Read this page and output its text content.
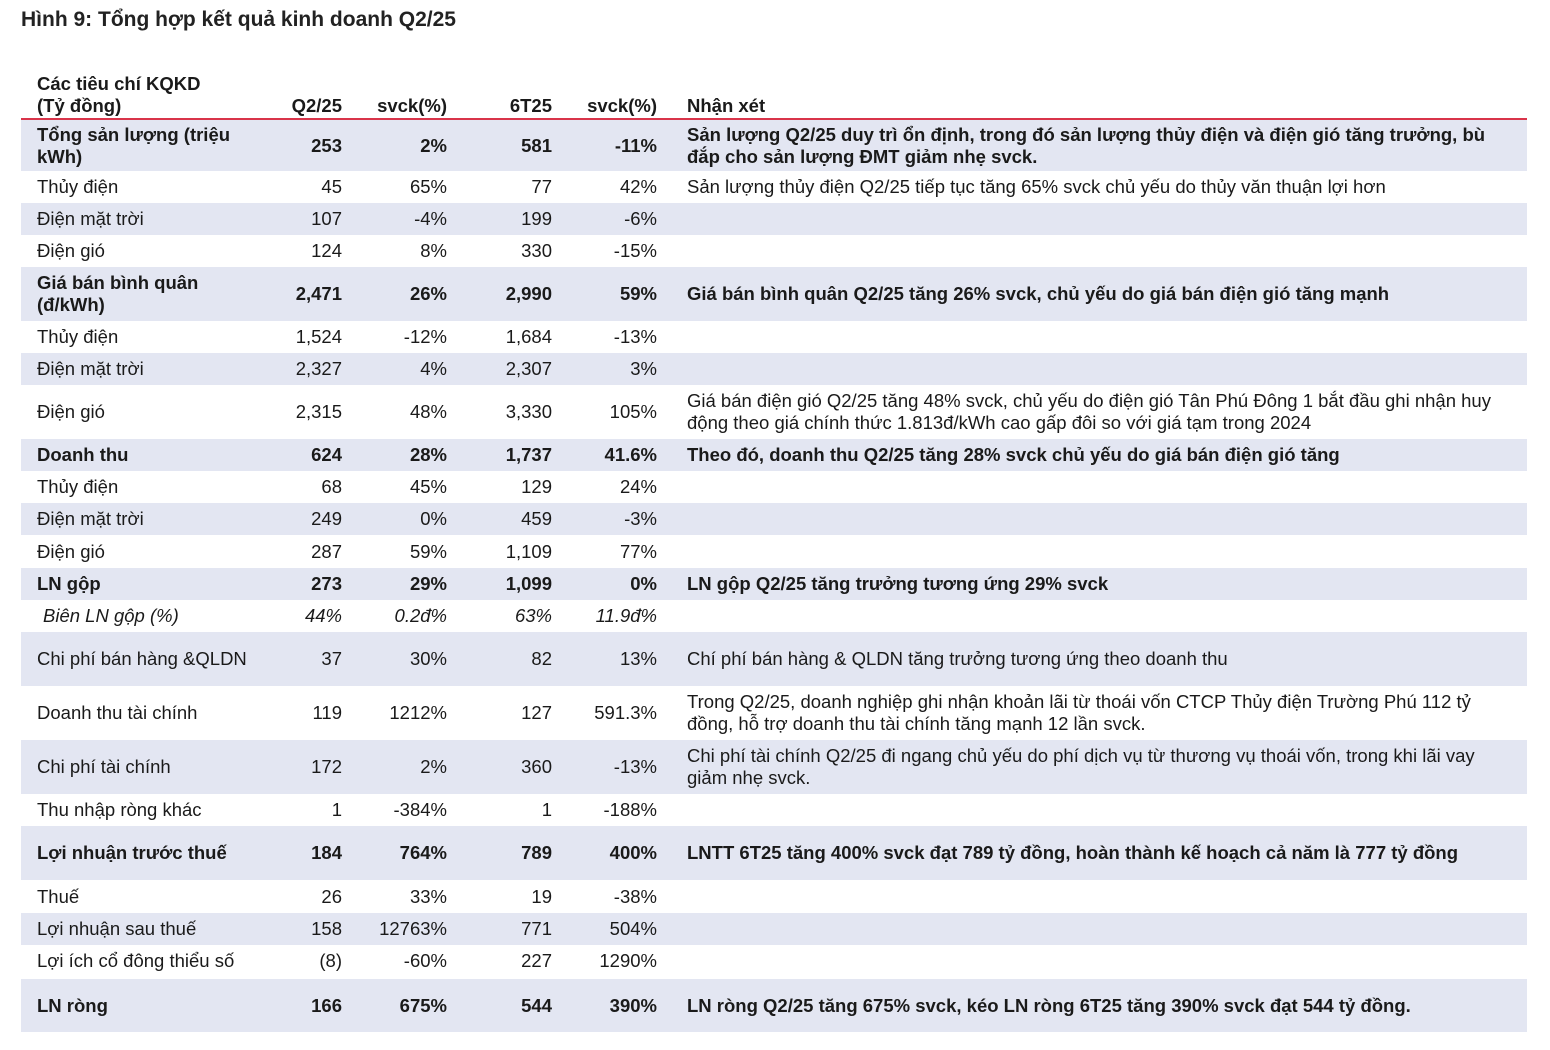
Hình 9: Tổng hợp kết quả kinh doanh Q2/25
Các tiêu chí KQKD
(Tỷ đồng)	Q2/25	svck(%)	6T25	svck(%)	Nhận xét
Tổng sản lượng (triệu kWh)	253	2%	581	-11%	Sản lượng Q2/25 duy trì ổn định, trong đó sản lượng thủy điện và điện gió tăng trưởng, bù đắp cho sản lượng ĐMT giảm nhẹ svck.
Thủy điện	45	65%	77	42%	Sản lượng thủy điện Q2/25 tiếp tục tăng 65% svck chủ yếu do thủy văn thuận lợi hơn
Điện mặt trời	107	-4%	199	-6%	
Điện gió	124	8%	330	-15%	
Giá bán bình quân (đ/kWh)	2,471	26%	2,990	59%	Giá bán bình quân Q2/25 tăng 26% svck, chủ yếu do giá bán điện gió tăng mạnh
Thủy điện	1,524	-12%	1,684	-13%	
Điện mặt trời	2,327	4%	2,307	3%	
Điện gió	2,315	48%	3,330	105%	Giá bán điện gió Q2/25 tăng 48% svck, chủ yếu do điện gió Tân Phú Đông 1 bắt đầu ghi nhận huy động theo giá chính thức 1.813đ/kWh cao gấp đôi so với giá tạm trong 2024
Doanh thu	624	28%	1,737	41.6%	Theo đó, doanh thu Q2/25 tăng 28% svck chủ yếu do giá bán điện gió tăng
Thủy điện	68	45%	129	24%	
Điện mặt trời	249	0%	459	-3%	
Điện gió	287	59%	1,109	77%	
LN gộp	273	29%	1,099	0%	LN gộp Q2/25 tăng trưởng tương ứng 29% svck
Biên LN gộp (%)	44%	0.2đ%	63%	11.9đ%	
Chi phí bán hàng &QLDN	37	30%	82	13%	Chí phí bán hàng & QLDN tăng trưởng tương ứng theo doanh thu
Doanh thu tài chính	119	1212%	127	591.3%	Trong Q2/25, doanh nghiệp ghi nhận khoản lãi từ thoái vốn CTCP Thủy điện Trường Phú 112 tỷ đồng, hỗ trợ doanh thu tài chính tăng mạnh 12 lần svck.
Chi phí tài chính	172	2%	360	-13%	Chi phí tài chính Q2/25 đi ngang chủ yếu do phí dịch vụ từ thương vụ thoái vốn, trong khi lãi vay giảm nhẹ svck.
Thu nhập ròng khác	1	-384%	1	-188%	
Lợi nhuận trước thuế	184	764%	789	400%	LNTT 6T25 tăng 400% svck đạt 789 tỷ đồng, hoàn thành kế hoạch cả năm là 777 tỷ đồng
Thuế	26	33%	19	-38%	
Lợi nhuận sau thuế	158	12763%	771	504%	
Lợi ích cổ đông thiểu số	(8)	-60%	227	1290%	
LN ròng	166	675%	544	390%	LN ròng Q2/25 tăng 675% svck, kéo LN ròng 6T25 tăng 390% svck đạt 544 tỷ đồng.
